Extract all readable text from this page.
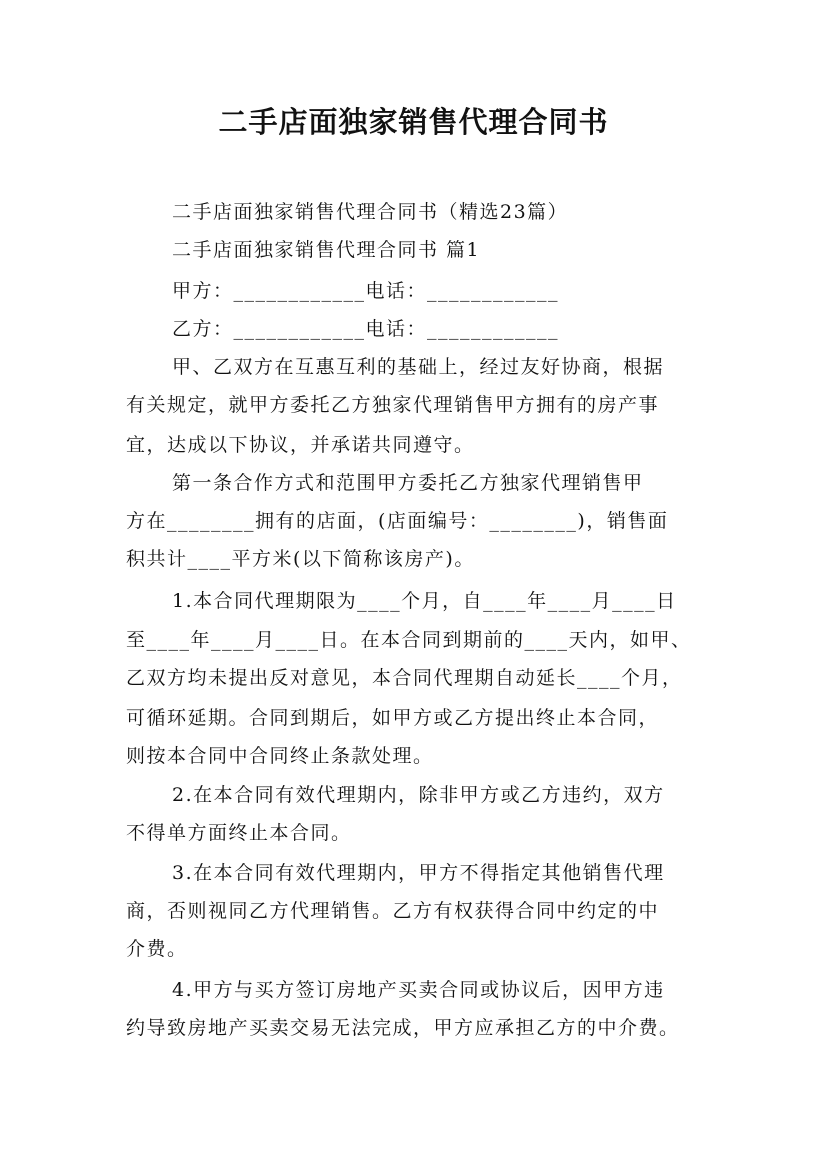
二手店面独家销售代理合同书
二手店面独家销售代理合同书（精选23篇）
二手店面独家销售代理合同书 篇1
甲方：____________电话：____________
乙方：____________电话：____________
甲、乙双方在互惠互利的基础上，经过友好协商，根据
有关规定，就甲方委托乙方独家代理销售甲方拥有的房产事
宜，达成以下协议，并承诺共同遵守。
第一条合作方式和范围甲方委托乙方独家代理销售甲
方在________拥有的店面，(店面编号：________)，销售面
积共计____平方米(以下简称该房产)。
1.本合同代理期限为____个月，自____年____月____日
至____年____月____日。在本合同到期前的____天内，如甲、
乙双方均未提出反对意见，本合同代理期自动延长____个月，
可循环延期。合同到期后，如甲方或乙方提出终止本合同，
则按本合同中合同终止条款处理。
2.在本合同有效代理期内，除非甲方或乙方违约，双方
不得单方面终止本合同。
3.在本合同有效代理期内，甲方不得指定其他销售代理
商，否则视同乙方代理销售。乙方有权获得合同中约定的中
介费。
4.甲方与买方签订房地产买卖合同或协议后，因甲方违
约导致房地产买卖交易无法完成，甲方应承担乙方的中介费。
